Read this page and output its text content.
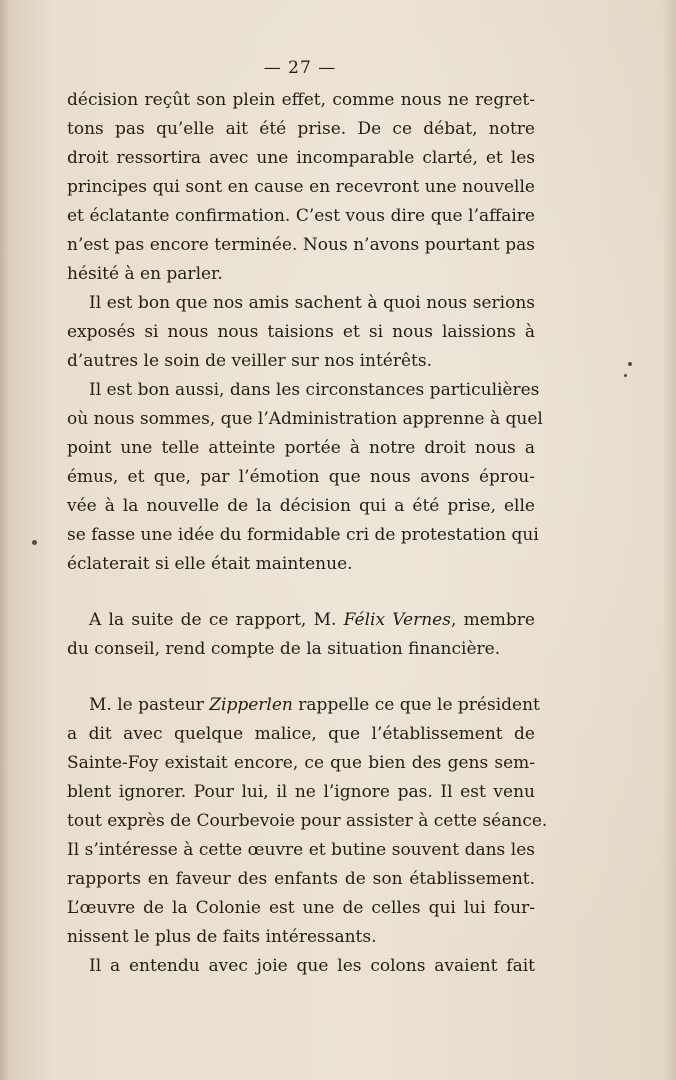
— 27 —
décision reçût son plein effet, comme nous ne regret-
tons pas qu’elle ait été prise. De ce débat, notre
droit ressortira avec une incomparable clarté, et les
principes qui sont en cause en recevront une nouvelle
et éclatante confirmation. C’est vous dire que l’affaire
n’est pas encore terminée. Nous n’avons pourtant pas
hésité à en parler.
Il est bon que nos amis sachent à quoi nous serions
exposés si nous nous taisions et si nous laissions à
d’autres le soin de veiller sur nos intérêts.
Il est bon aussi, dans les circonstances particulières
où nous sommes, que l’Administration apprenne à quel
point une telle atteinte portée à notre droit nous a
émus, et que, par l’émotion que nous avons éprou-
vée à la nouvelle de la décision qui a été prise, elle
se fasse une idée du formidable cri de protestation qui
éclaterait si elle était maintenue.
A la suite de ce rapport, M. Félix Vernes, membre
du conseil, rend compte de la situation financière.
M. le pasteur Zipperlen rappelle ce que le président
a dit avec quelque malice, que l’établissement de
Sainte-Foy existait encore, ce que bien des gens sem-
blent ignorer. Pour lui, il ne l’ignore pas. Il est venu
tout exprès de Courbevoie pour assister à cette séance.
Il s’intéresse à cette œuvre et butine souvent dans les
rapports en faveur des enfants de son établissement.
L’œuvre de la Colonie est une de celles qui lui four-
nissent le plus de faits intéressants.
Il a entendu avec joie que les colons avaient fait
